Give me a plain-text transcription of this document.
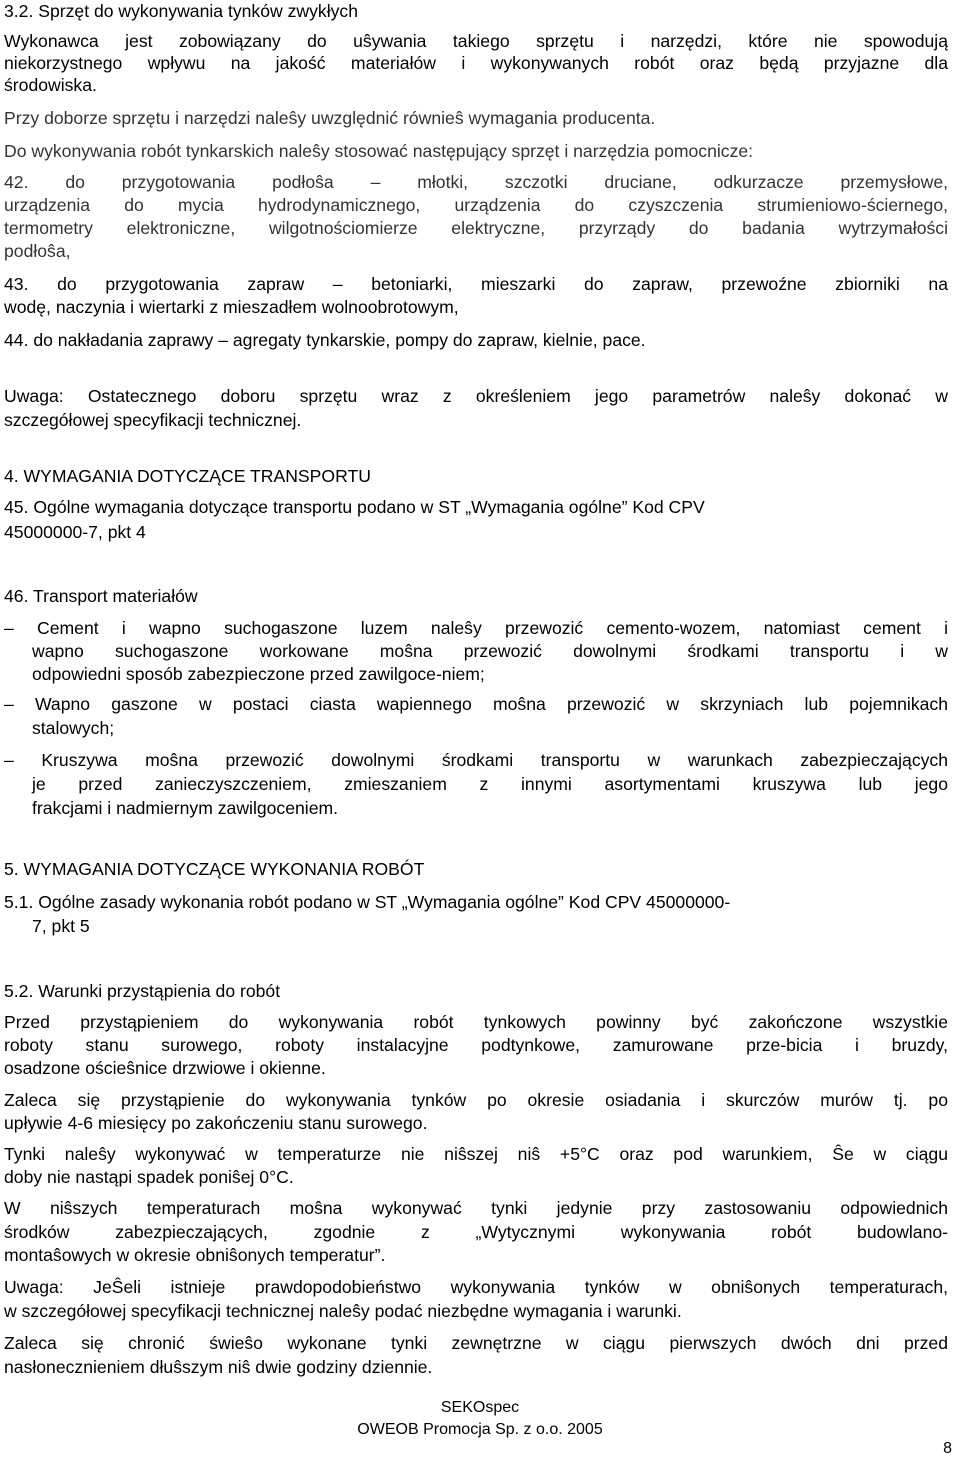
3.2. Sprzęt do wykonywania tynków zwykłych
Wykonawca jest zobowiązany do uŝywania takiego sprzętu i narzędzi, które nie spowodują
niekorzystnego wpływu na jakość materiałów i wykonywanych robót oraz będą przyjazne dla
środowiska.
Przy doborze sprzętu i narzędzi naleŝy uwzględnić równieŝ wymagania producenta.
Do wykonywania robót tynkarskich naleŝy stosować następujący sprzęt i narzędzia pomocnicze:
42. do przygotowania podłoŝa – młotki, szczotki druciane, odkurzacze przemysłowe,
urządzenia do mycia hydrodynamicznego, urządzenia do czyszczenia strumieniowo-ściernego,
termometry elektroniczne, wilgotnościomierze elektryczne, przyrządy do badania wytrzymałości
podłoŝa,
43. do przygotowania zapraw – betoniarki, mieszarki do zapraw, przewoźne zbiorniki na
wodę, naczynia i wiertarki z mieszadłem wolnoobrotowym,
44. do nakładania zaprawy – agregaty tynkarskie, pompy do zapraw, kielnie, pace.
Uwaga: Ostatecznego doboru sprzętu wraz z określeniem jego parametrów naleŝy dokonać w
szczegółowej specyfikacji technicznej.
4. WYMAGANIA DOTYCZĄCE TRANSPORTU
45. Ogólne wymagania dotyczące transportu podano w ST „Wymagania ogólne” Kod CPV
45000000-7, pkt 4
46. Transport materiałów
– Cement i wapno suchogaszone luzem naleŝy przewozić cemento-wozem, natomiast cement i
wapno suchogaszone workowane moŝna przewozić dowolnymi środkami transportu i w
odpowiedni sposób zabezpieczone przed zawilgoce-niem;
– Wapno gaszone w postaci ciasta wapiennego moŝna przewozić w skrzyniach lub pojemnikach
stalowych;
– Kruszywa moŝna przewozić dowolnymi środkami transportu w warunkach zabezpieczających
je przed zanieczyszczeniem, zmieszaniem z innymi asortymentami kruszywa lub jego
frakcjami i nadmiernym zawilgoceniem.
5. WYMAGANIA DOTYCZĄCE WYKONANIA ROBÓT
5.1. Ogólne zasady wykonania robót podano w ST „Wymagania ogólne” Kod CPV 45000000-
7, pkt 5
5.2. Warunki przystąpienia do robót
Przed przystąpieniem do wykonywania robót tynkowych powinny być zakończone wszystkie
roboty stanu surowego, roboty instalacyjne podtynkowe, zamurowane prze-bicia i bruzdy,
osadzone ościeŝnice drzwiowe i okienne.
Zaleca się przystąpienie do wykonywania tynków po okresie osiadania i skurczów murów tj. po
upływie 4-6 miesięcy po zakończeniu stanu surowego.
Tynki naleŝy wykonywać w temperaturze nie niŝszej niŝ +5°C oraz pod warunkiem, Ŝe w ciągu
doby nie nastąpi spadek poniŝej 0°C.
W niŝszych temperaturach moŝna wykonywać tynki jedynie przy zastosowaniu odpowiednich
środków zabezpieczających, zgodnie z „Wytycznymi wykonywania robót budowlano-
montaŝowych w okresie obniŝonych temperatur”.
Uwaga: JeŜeli istnieje prawdopodobieństwo wykonywania tynków w obniŝonych temperaturach,
w szczegółowej specyfikacji technicznej naleŝy podać niezbędne wymagania i warunki.
Zaleca się chronić świeŝo wykonane tynki zewnętrzne w ciągu pierwszych dwóch dni przed
nasłonecznieniem dłuŝszym niŝ dwie godziny dziennie.
SEKOspec
OWEOB Promocja Sp. z o.o. 2005
8
